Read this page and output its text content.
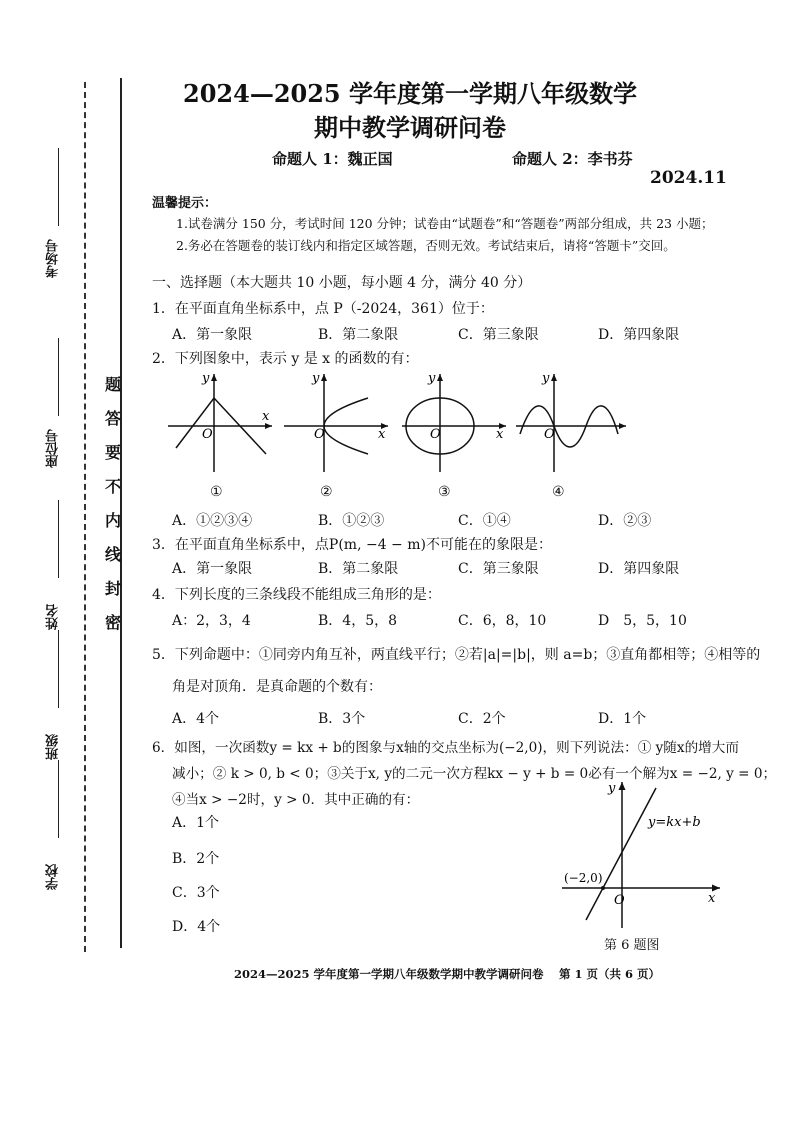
考场号
座位号
姓名
班级
学校
题
答
要
不
内
线
封
密
2024—2025 学年度第一学期八年级数学
期中教学调研问卷
命题人 1：魏正国	命题人 2：李书芬
2024.11
温馨提示：
1.试卷满分 150 分，考试时间 120 分钟；试卷由“试题卷”和“答题卷”两部分组成，共 23 小题；
2.务必在答题卷的装订线内和指定区域答题，否则无效。考试结束后，请将“答题卡”交回。
一、选择题（本大题共 10 小题，每小题 4 分，满分 40 分）
1．在平面直角坐标系中，点 P（-2024，361）位于：
A．第一象限	B．第二象限	C．第三象限	D．第四象限
2．下列图象中，表示 y 是 x 的函数的有：
y
x
O
y
x
O
y
x
O
y
O
①	②	③	④
A．①②③④	B．①②③	C．①④	D．②③
3．在平面直角坐标系中，点P(m, −4 − m)不可能在的象限是：
A．第一象限	B．第二象限	C．第三象限	D．第四象限
4．下列长度的三条线段不能组成三角形的是：
A：2，3，4	B．4，5，8	C．6，8，10	D　5，5，10
5．下列命题中：①同旁内角互补，两直线平行；②若|a|=|b|，则 a=b；③直角都相等；④相等的
角是对顶角．是真命题的个数有：
A．4个	B．3个	C．2个	D．1个
6．如图，一次函数y = kx + b的图象与x轴的交点坐标为(−2,0)，则下列说法：① y随x的增大而
减小；② k > 0, b < 0；③关于x, y的二元一次方程kx − y + b = 0必有一个解为x = −2, y = 0；
④当x > −2时，y > 0．其中正确的有：
A．1个
B．2个
C．3个
D．4个
y
x
O
y=kx+b
(−2,0)
第 6 题图
2024—2025 学年度第一学期八年级数学期中教学调研问卷　 第 1 页（共 6 页）
